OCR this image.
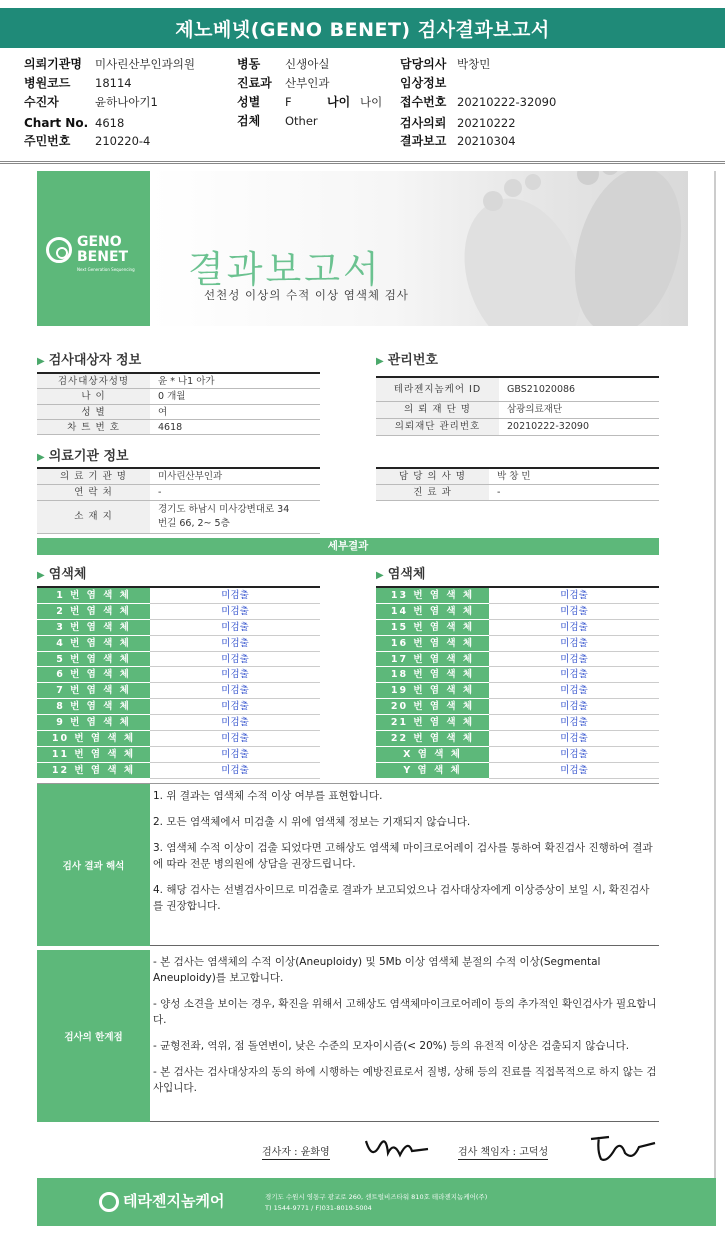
제노베넷(GENO BENET) 검사결과보고서
의뢰기관명 미사린산부인과의원
병원코드 18114
수진자	윤하나아기1
Chart No. 4618
주민번호 210220-4
병동 신생아실
진료과 산부인과
성별 F	나이 나이
검체 Other
담당의사 박창민
임상정보
접수번호 20210222-32090
검사의뢰 20210222
결과보고 20210304
GENO
BENET
Next Generation Sequencing 결과보고서
선천성 이상의 수적 이상 염색체 검사
▶ 검사대상자 정보
검사대상자성명	윤 * 나1 아가
나 이	0 개월
성 별	여
차 트 번 호	4618
▶ 관리번호
테라젠지놈케어 ID	GBS21020086
의 뢰 재 단 명	삼광의료재단
의뢰재단 관리번호	20210222-32090
▶ 의료기관 정보
의 료 기 관 명	미사린산부인과
연 락 처	-
소 재 지
경기도 하남시 미사강변대로 34
번길 66, 2~ 5층
담 당 의 사 명	박 창 민
진 료 과	-
세부결과
▶ 염색체	▶ 염색체
1 번 염 색 체	미검출
2 번 염 색 체	미검출
3 번 염 색 체	미검출
4 번 염 색 체	미검출
5 번 염 색 체	미검출
6 번 염 색 체	미검출
7 번 염 색 체	미검출
8 번 염 색 체	미검출
9 번 염 색 체	미검출
10 번 염 색 체	미검출
11 번 염 색 체	미검출
12 번 염 색 체	미검출
13 번 염 색 체	미검출
14 번 염 색 체	미검출
15 번 염 색 체	미검출
16 번 염 색 체	미검출
17 번 염 색 체	미검출
18 번 염 색 체	미검출
19 번 염 색 체	미검출
20 번 염 색 체	미검출
21 번 염 색 체	미검출
22 번 염 색 체	미검출
X 염 색 체	미검출
Y 염 색 체	미검출
검사 결과 해석

1. 위 결과는 염색체 수적 이상 여부를 표현합니다.

2. 모든 염색체에서 미검출 시 위에 염색체 정보는 기재되지 않습니다.

3. 염색체 수적 이상이 검출 되었다면 고해상도 염색체 마이크로어레이 검사를 통하여 확진검사 진행하여 결과에 따라 전문 병의원에 상담을 권장드립니다.

4. 해당 검사는 선별검사이므로 미검출로 결과가 보고되었으나 검사대상자에게 이상증상이 보일 시, 확진검사를 권장합니다.

검사의 한계점

- 본 검사는 염색체의 수적 이상(Aneuploidy) 및 5Mb 이상 염색체 분절의 수적 이상(Segmental Aneuploidy)를 보고합니다.

- 양성 소견을 보이는 경우, 확진을 위해서 고해상도 염색체마이크로어레이 등의 추가적인 확인검사가 필요합니다.

- 균형전좌, 역위, 점 돌연변이, 낮은 수준의 모자이시즘(< 20%) 등의 유전적 이상은 검출되지 않습니다.

- 본 검사는 검사대상자의 동의 하에 시행하는 예방진료로서 질병, 상해 등의 진료를 직접목적으로 하지 않는 검사입니다.

검사자 : 윤화영	검사 책임자 : 고덕성
테라젠지놈케어	경기도 수원시 영통구 광교로 260, 센트럴비즈타워 810호 테라젠지놈케어(주)
T) 1544-9771 / F)031-8019-5004
